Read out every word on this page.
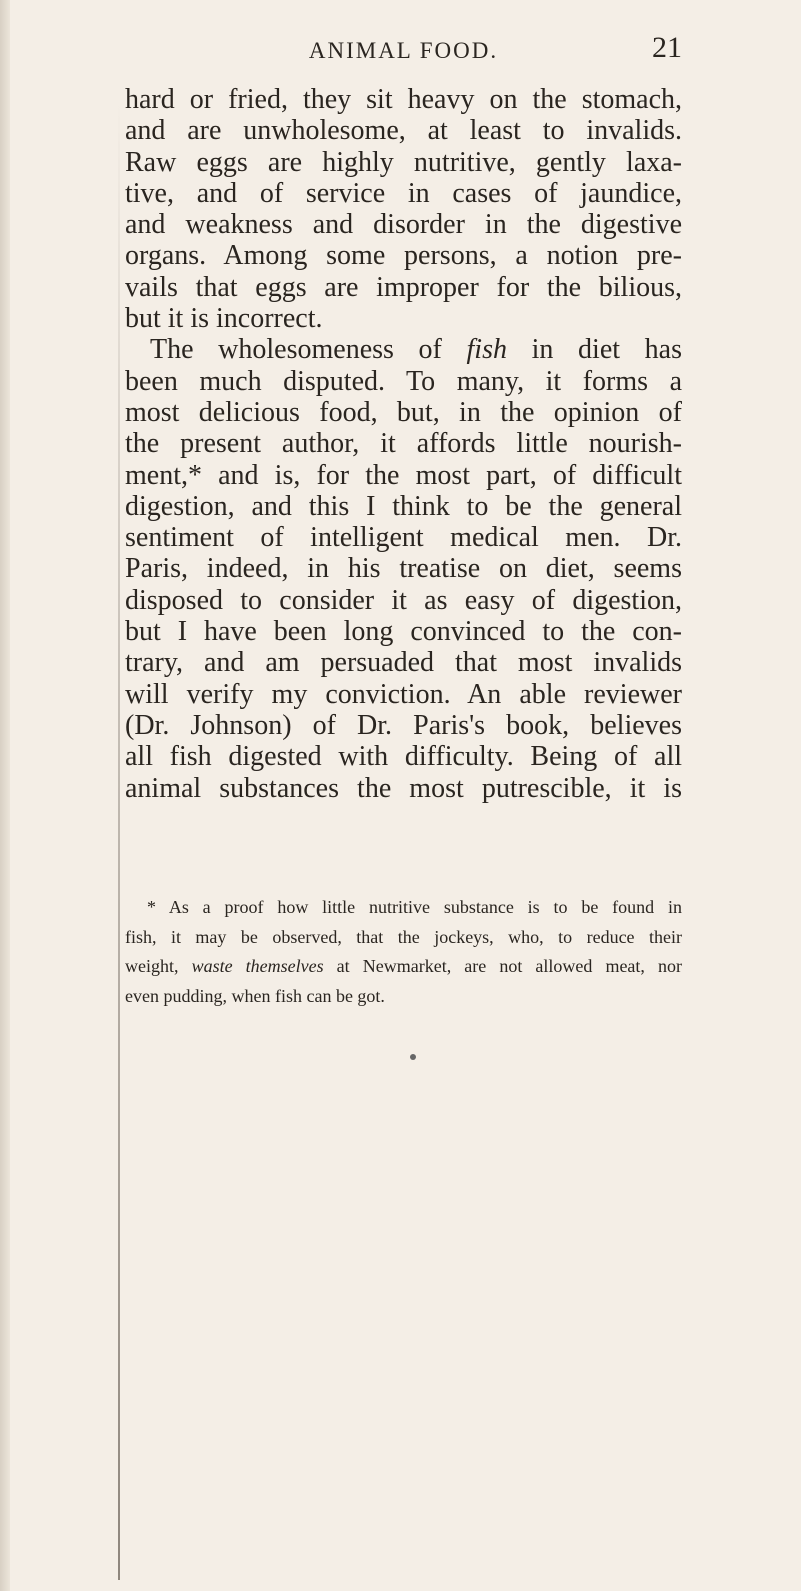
ANIMAL FOOD.	21
hard or fried, they sit heavy on the stomach,
and are unwholesome, at least to invalids.
Raw eggs are highly nutritive, gently laxa-
tive, and of service in cases of jaundice,
and weakness and disorder in the digestive
organs. Among some persons, a notion pre-
vails that eggs are improper for the bilious,
but it is incorrect.
The wholesomeness of fish in diet has
been much disputed. To many, it forms a
most delicious food, but, in the opinion of
the present author, it affords little nourish-
ment,* and is, for the most part, of difficult
digestion, and this I think to be the general
sentiment of intelligent medical men. Dr.
Paris, indeed, in his treatise on diet, seems
disposed to consider it as easy of digestion,
but I have been long convinced to the con-
trary, and am persuaded that most invalids
will verify my conviction. An able reviewer
(Dr. Johnson) of Dr. Paris's book, believes
all fish digested with difficulty. Being of all
animal substances the most putrescible, it is
* As a proof how little nutritive substance is to be found in
fish, it may be observed, that the jockeys, who, to reduce their
weight, waste themselves at Newmarket, are not allowed meat, nor
even pudding, when fish can be got.
